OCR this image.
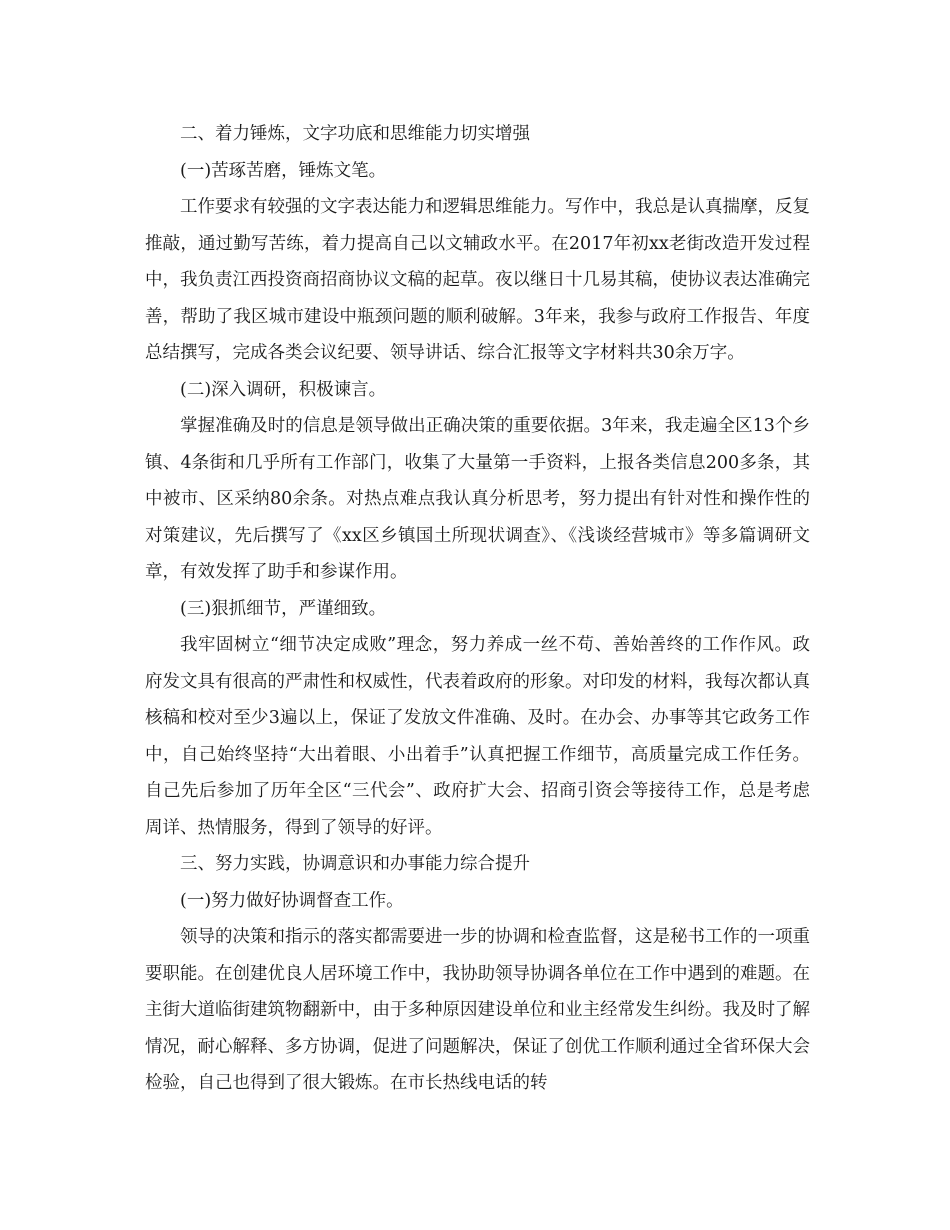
二、着力锤炼，文字功底和思维能力切实增强

(一)苦琢苦磨，锤炼文笔。

工作要求有较强的文字表达能力和逻辑思维能力。写作中，我总是认真揣摩，反复推敲，通过勤写苦练，着力提高自己以文辅政水平。在2017年初xx老街改造开发过程中，我负责江西投资商招商协议文稿的起草。夜以继日十几易其稿，使协议表达准确完善，帮助了我区城市建设中瓶颈问题的顺利破解。3年来，我参与政府工作报告、年度总结撰写，完成各类会议纪要、领导讲话、综合汇报等文字材料共30余万字。

(二)深入调研，积极谏言。

掌握准确及时的信息是领导做出正确决策的重要依据。3年来，我走遍全区13个乡镇、4条街和几乎所有工作部门，收集了大量第一手资料，上报各类信息200多条，其中被市、区采纳80余条。对热点难点我认真分析思考，努力提出有针对性和操作性的对策建议，先后撰写了《xx区乡镇国土所现状调查》、《浅谈经营城市》等多篇调研文章，有效发挥了助手和参谋作用。

(三)狠抓细节，严谨细致。

我牢固树立“细节决定成败”理念，努力养成一丝不苟、善始善终的工作作风。政府发文具有很高的严肃性和权威性，代表着政府的形象。对印发的材料，我每次都认真核稿和校对至少3遍以上，保证了发放文件准确、及时。在办会、办事等其它政务工作中，自己始终坚持“大出着眼、小出着手”认真把握工作细节，高质量完成工作任务。自己先后参加了历年全区“三代会”、政府扩大会、招商引资会等接待工作，总是考虑周详、热情服务，得到了领导的好评。

三、努力实践，协调意识和办事能力综合提升

(一)努力做好协调督查工作。

领导的决策和指示的落实都需要进一步的协调和检查监督，这是秘书工作的一项重要职能。在创建优良人居环境工作中，我协助领导协调各单位在工作中遇到的难题。在主街大道临街建筑物翻新中，由于多种原因建设单位和业主经常发生纠纷。我及时了解情况，耐心解释、多方协调，促进了问题解决，保证了创优工作顺利通过全省环保大会检验，自己也得到了很大锻炼。在市长热线电话的转
